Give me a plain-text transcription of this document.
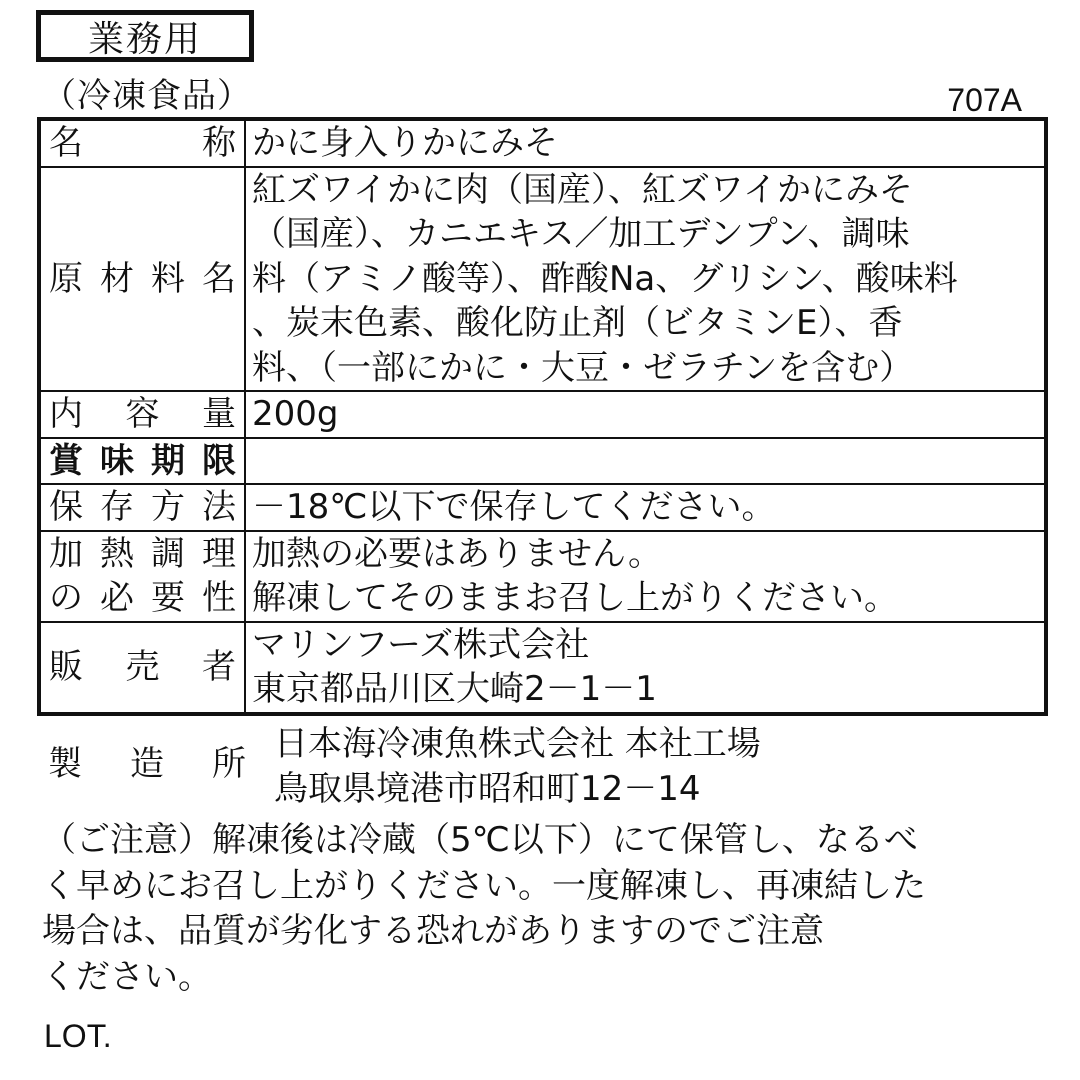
業務用
（冷凍食品）	707A
名称	かに身入りかにみそ

原材料名	紅ズワイかに肉（国産）、紅ズワイかにみそ
（国産）、カニエキス／加工デンプン、調味
料（アミノ酸等）、酢酸Na、グリシン、酸味料
、炭末色素、酸化防止剤（ビタミンE）、香
料、（一部にかに・大豆・ゼラチンを含む）

内容量	200g

賞味期限	

保存方法	－18℃以下で保存してください。

加熱調理
の必要性	加熱の必要はありません。
解凍してそのままお召し上がりください。

販売者	マリンフーズ株式会社
東京都品川区大崎2－1－1
製造所 日本海冷凍魚株式会社 本社工場
鳥取県境港市昭和町12－14
（ご注意）解凍後は冷蔵（5℃以下）にて保管し、なるべ
く早めにお召し上がりください。一度解凍し、再凍結した
場合は、品質が劣化する恐れがありますのでご注意
ください。
LOT.
